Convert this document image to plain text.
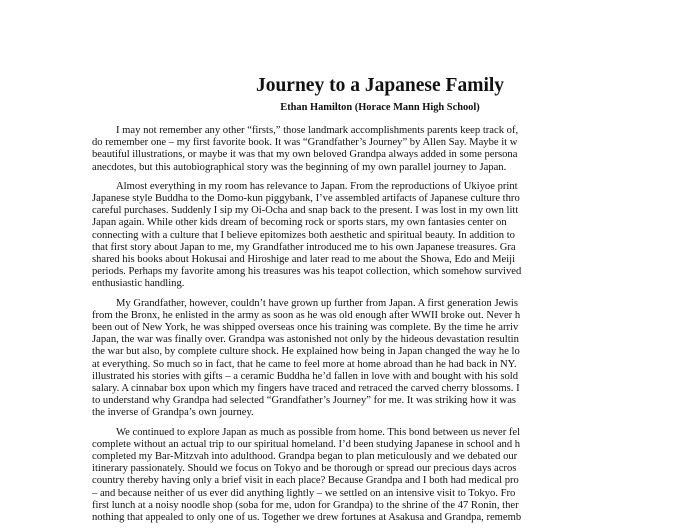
Journey to a Japanese Family
Ethan Hamilton (Horace Mann High School)

I may not remember any other “firsts,” those landmark accomplishments parents keep track of,
do remember one – my first favorite book. It was “Grandfather’s Journey” by Allen Say. Maybe it w
beautiful illustrations, or maybe it was that my own beloved Grandpa always added in some persona
anecdotes, but this autobiographical story was the beginning of my own parallel journey to Japan.

Almost everything in my room has relevance to Japan. From the reproductions of Ukiyoe print
Japanese style Buddha to the Domo-kun piggybank, I’ve assembled artifacts of Japanese culture thro
careful purchases. Suddenly I sip my Oi-Ocha and snap back to the present. I was lost in my own litt
Japan again. While other kids dream of becoming rock or sports stars, my own fantasies center on
connecting with a culture that I believe epitomizes both aesthetic and spiritual beauty. In addition to
that first story about Japan to me, my Grandfather introduced me to his own Japanese treasures. Gra
shared his books about Hokusai and Hiroshige and later read to me about the Showa, Edo and Meiji
periods. Perhaps my favorite among his treasures was his teapot collection, which somehow survived
enthusiastic handling.

My Grandfather, however, couldn’t have grown up further from Japan. A first generation Jewis
from the Bronx, he enlisted in the army as soon as he was old enough after WWII broke out. Never h
been out of New York, he was shipped overseas once his training was complete. By the time he arriv
Japan, the war was finally over. Grandpa was astonished not only by the hideous devastation resultin
the war but also, by complete culture shock. He explained how being in Japan changed the way he lo
at everything. So much so in fact, that he came to feel more at home abroad than he had back in NY.
illustrated his stories with gifts – a ceramic Buddha he’d fallen in love with and bought with his sold
salary. A cinnabar box upon which my fingers have traced and retraced the carved cherry blossoms. I
to understand why Grandpa had selected “Grandfather’s Journey” for me. It was striking how it was
the inverse of Grandpa’s own journey.

We continued to explore Japan as much as possible from home. This bond between us never fel
complete without an actual trip to our spiritual homeland. I’d been studying Japanese in school and h
completed my Bar-Mitzvah into adulthood. Grandpa began to plan meticulously and we debated our
itinerary passionately. Should we focus on Tokyo and be thorough or spread our precious days acros
country thereby having only a brief visit in each place? Because Grandpa and I both had medical pro
– and because neither of us ever did anything lightly – we settled on an intensive visit to Tokyo. Fro
first lunch at a noisy noodle shop (soba for me, udon for Grandpa) to the shrine of the 47 Ronin, ther
nothing that appealed to only one of us. Together we drew fortunes at Asakusa and Grandpa, rememb
